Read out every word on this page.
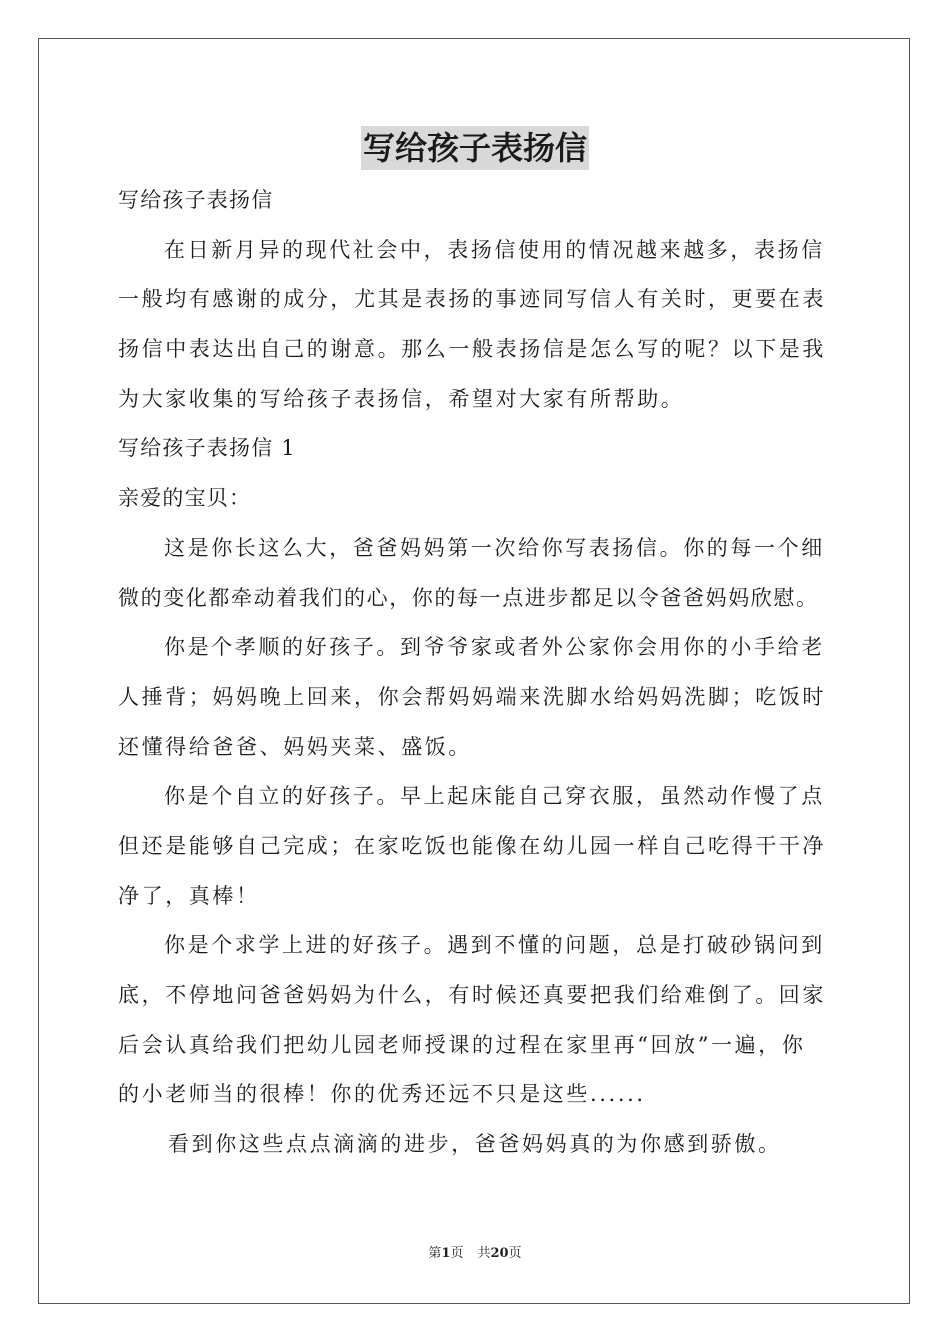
写给孩子表扬信
写给孩子表扬信
在日新月异的现代社会中，表扬信使用的情况越来越多，表扬信
一般均有感谢的成分，尤其是表扬的事迹同写信人有关时，更要在表
扬信中表达出自己的谢意。那么一般表扬信是怎么写的呢？以下是我
为大家收集的写给孩子表扬信，希望对大家有所帮助。
写给孩子表扬信 1
亲爱的宝贝：
这是你长这么大，爸爸妈妈第一次给你写表扬信。你的每一个细
微的变化都牵动着我们的心，你的每一点进步都足以令爸爸妈妈欣慰。
你是个孝顺的好孩子。到爷爷家或者外公家你会用你的小手给老
人捶背；妈妈晚上回来，你会帮妈妈端来洗脚水给妈妈洗脚；吃饭时
还懂得给爸爸、妈妈夹菜、盛饭。
你是个自立的好孩子。早上起床能自己穿衣服，虽然动作慢了点
但还是能够自己完成；在家吃饭也能像在幼儿园一样自己吃得干干净
净了，真棒！
你是个求学上进的好孩子。遇到不懂的问题，总是打破砂锅问到
底，不停地问爸爸妈妈为什么，有时候还真要把我们给难倒了。回家
后会认真给我们把幼儿园老师授课的过程在家里再“回放”一遍，你
的小老师当的很棒！你的优秀还远不只是这些......
看到你这些点点滴滴的进步，爸爸妈妈真的为你感到骄傲。
第1页 共20页
